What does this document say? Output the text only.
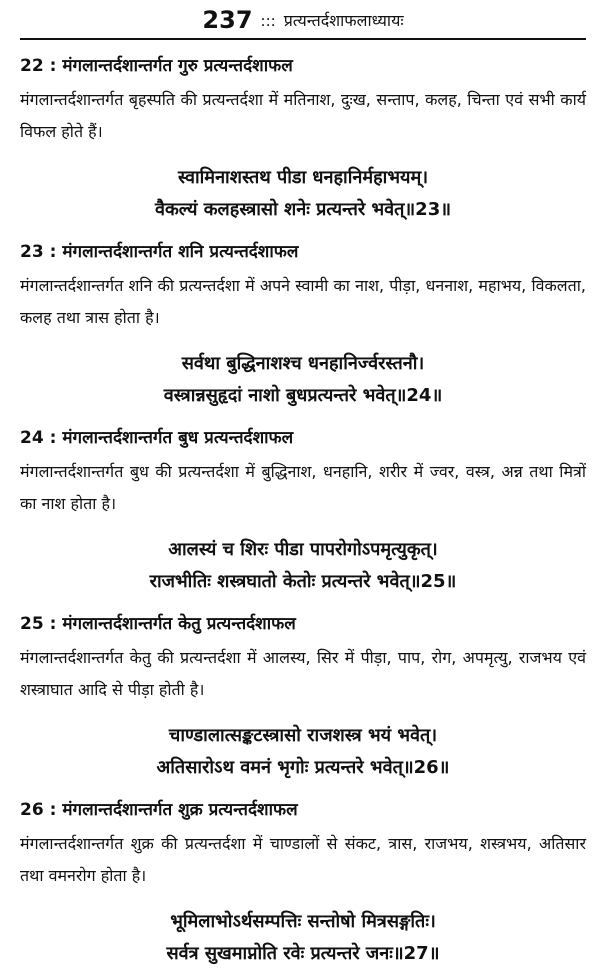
237 ::: प्रत्यन्तर्दशाफलाध्यायः
22 : मंगलान्तर्दशान्तर्गत गुरु प्रत्यन्तर्दशाफल

मंगलान्तर्दशान्तर्गत बृहस्पति की प्रत्यन्तर्दशा में मतिनाश, दुःख, सन्ताप, कलह, चिन्ता एवं सभी कार्य विफल होते हैं।

स्वामिनाशस्तथ पीडा धनहानिर्महाभयम्।
वैकल्यं कलहस्त्रासो शनेः प्रत्यन्तरे भवेत्॥23॥
23 : मंगलान्तर्दशान्तर्गत शनि प्रत्यन्तर्दशाफल

मंगलान्तर्दशान्तर्गत शनि की प्रत्यन्तर्दशा में अपने स्वामी का नाश, पीड़ा, धननाश, महाभय, विकलता, कलह तथा त्रास होता है।

सर्वथा बुद्धिनाशश्च धनहानिर्ज्वरस्तनौ।
वस्त्रान्नसुहृदां नाशो बुधप्रत्यन्तरे भवेत्॥24॥
24 : मंगलान्तर्दशान्तर्गत बुध प्रत्यन्तर्दशाफल

मंगलान्तर्दशान्तर्गत बुध की प्रत्यन्तर्दशा में बुद्धिनाश, धनहानि, शरीर में ज्वर, वस्त्र, अन्न तथा मित्रों का नाश होता है।

आलस्यं च शिरः पीडा पापरोगोऽपमृत्युकृत्।
राजभीतिः शस्त्रघातो केतोः प्रत्यन्तरे भवेत्॥25॥
25 : मंगलान्तर्दशान्तर्गत केतु प्रत्यन्तर्दशाफल

मंगलान्तर्दशान्तर्गत केतु की प्रत्यन्तर्दशा में आलस्य, सिर में पीड़ा, पाप, रोग, अपमृत्यु, राजभय एवं शस्त्राघात आदि से पीड़ा होती है।

चाण्डालात्सङ्कटस्त्रासो राजशस्त्र भयं भवेत्।
अतिसारोऽथ वमनं भृगोः प्रत्यन्तरे भवेत्॥26॥
26 : मंगलान्तर्दशान्तर्गत शुक्र प्रत्यन्तर्दशाफल

मंगलान्तर्दशान्तर्गत शुक्र की प्रत्यन्तर्दशा में चाण्डालों से संकट, त्रास, राजभय, शस्त्रभय, अतिसार तथा वमनरोग होता है।

भूमिलाभोऽर्थसम्पत्तिः सन्तोषो मित्रसङ्गतिः।
सर्वत्र सुखमाप्नोति रवेः प्रत्यन्तरे जनः॥27॥
